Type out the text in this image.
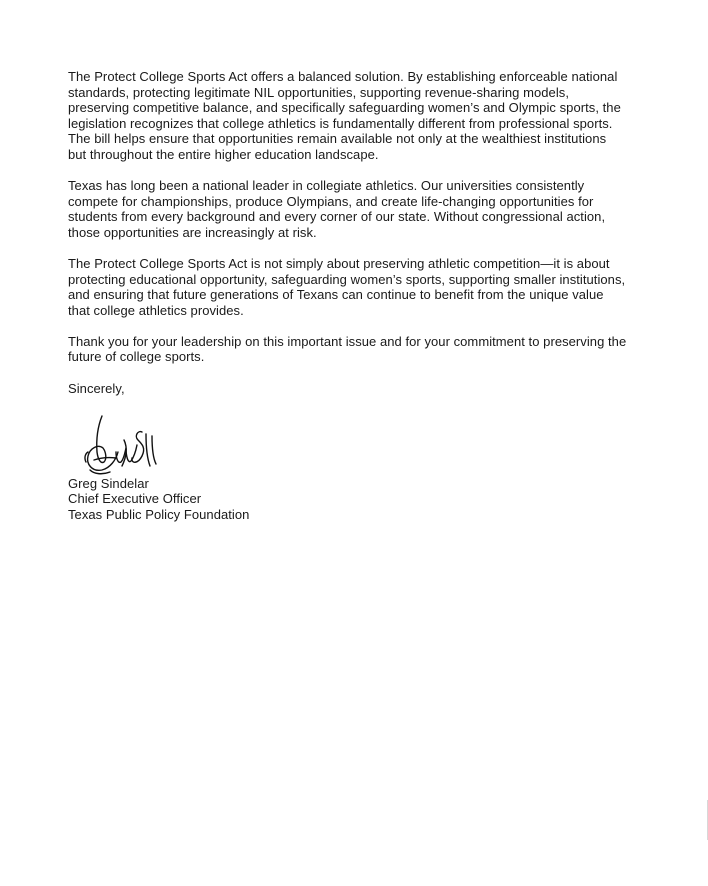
The Protect College Sports Act offers a balanced solution. By establishing enforceable national standards, protecting legitimate NIL opportunities, supporting revenue-sharing models, preserving competitive balance, and specifically safeguarding women’s and Olympic sports, the legislation recognizes that college athletics is fundamentally different from professional sports. The bill helps ensure that opportunities remain available not only at the wealthiest institutions but throughout the entire higher education landscape.

Texas has long been a national leader in collegiate athletics. Our universities consistently compete for championships, produce Olympians, and create life-changing opportunities for students from every background and every corner of our state. Without congressional action, those opportunities are increasingly at risk.

The Protect College Sports Act is not simply about preserving athletic competition—it is about protecting educational opportunity, safeguarding women’s sports, supporting smaller institutions, and ensuring that future generations of Texans can continue to benefit from the unique value that college athletics provides.

Thank you for your leadership on this important issue and for your commitment to preserving the future of college sports.

Sincerely,

Greg Sindelar
Chief Executive Officer
Texas Public Policy Foundation
